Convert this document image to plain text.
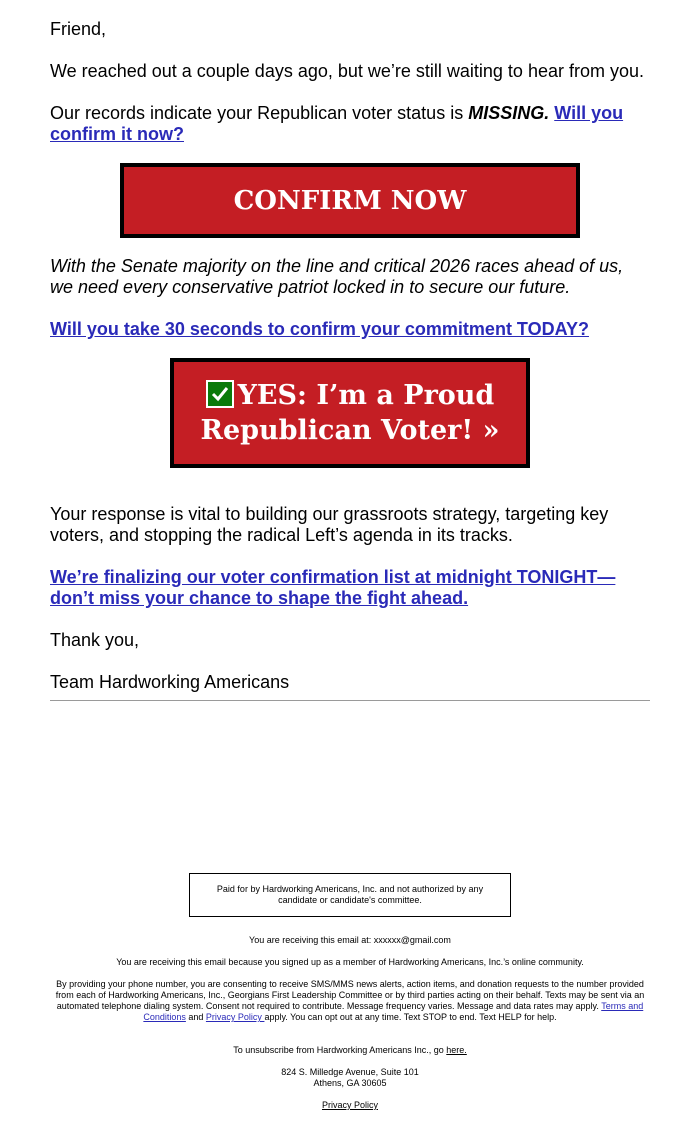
Friend,

We reached out a couple days ago, but we’re still waiting to hear from you.

Our records indicate your Republican voter status is MISSING. Will you confirm it now?

CONFIRM NOW

With the Senate majority on the line and critical 2026 races ahead of us, we need every conservative patriot locked in to secure our future.

Will you take 30 seconds to confirm your commitment TODAY?

YES: I’m a Proud
Republican Voter! »

Your response is vital to building our grassroots strategy, targeting key voters, and stopping the radical Left’s agenda in its tracks.

We’re finalizing our voter confirmation list at midnight TONIGHT—don’t miss your chance to shape the fight ahead.

Thank you,

Team Hardworking Americans

Paid for by Hardworking Americans, Inc. and not authorized by any candidate or candidate's committee.

You are receiving this email at: xxxxxx@gmail.com

You are receiving this email because you signed up as a member of Hardworking Americans, Inc.’s online community.

By providing your phone number, you are consenting to receive SMS/MMS news alerts, action items, and donation requests to the number provided from each of Hardworking Americans, Inc., Georgians First Leadership Committee or by third parties acting on their behalf. Texts may be sent via an automated telephone dialing system. Consent not required to contribute. Message frequency varies. Message and data rates may apply. Terms and Conditions and Privacy Policy apply. You can opt out at any time. Text STOP to end. Text HELP for help.

To unsubscribe from Hardworking Americans Inc., go here.

824 S. Milledge Avenue, Suite 101

Athens, GA 30605

Privacy Policy
